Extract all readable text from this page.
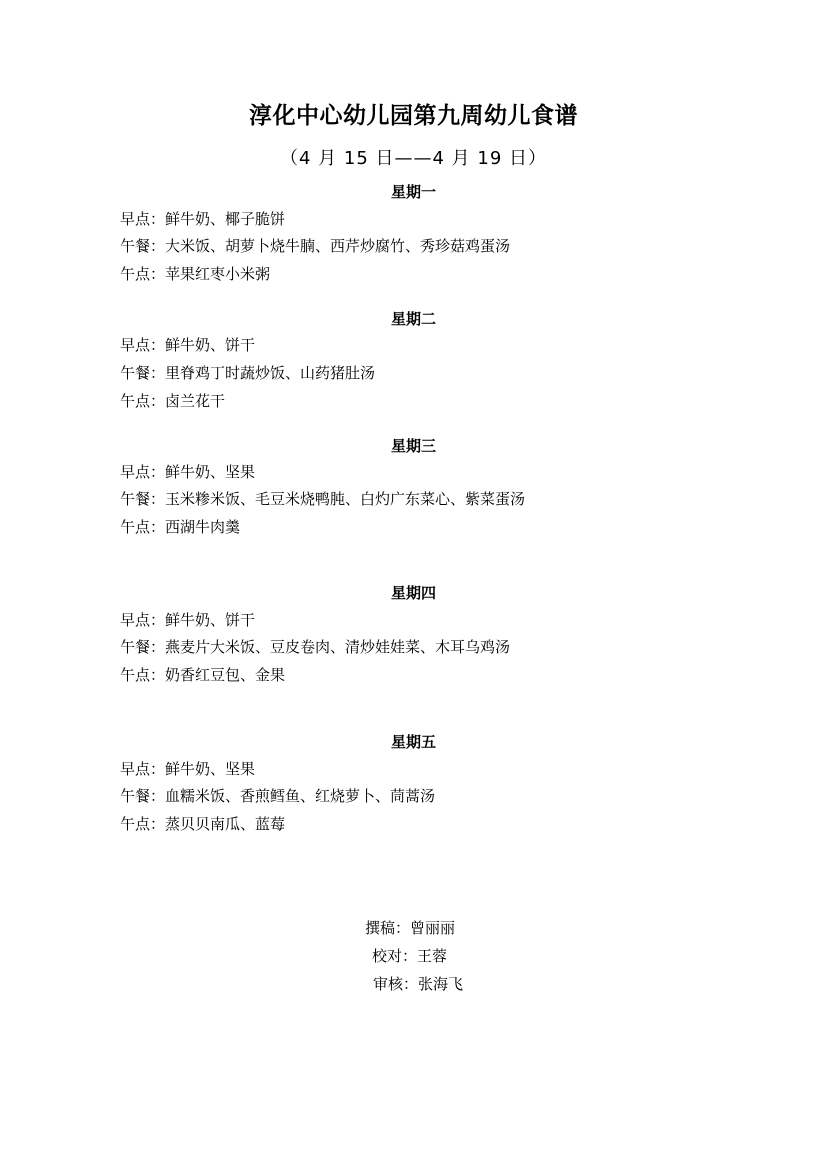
淳化中心幼儿园第九周幼儿食谱
（4 月 15 日——4 月 19 日）
星期一
早点：鲜牛奶、椰子脆饼
午餐：大米饭、胡萝卜烧牛腩、西芹炒腐竹、秀珍菇鸡蛋汤
午点：苹果红枣小米粥
星期二
早点：鲜牛奶、饼干
午餐：里脊鸡丁时蔬炒饭、山药猪肚汤
午点：卤兰花干
星期三
早点：鲜牛奶、坚果
午餐：玉米糁米饭、毛豆米烧鸭肫、白灼广东菜心、紫菜蛋汤
午点：西湖牛肉羹
星期四
早点：鲜牛奶、饼干
午餐：燕麦片大米饭、豆皮卷肉、清炒娃娃菜、木耳乌鸡汤
午点：奶香红豆包、金果
星期五
早点：鲜牛奶、坚果
午餐：血糯米饭、香煎鳕鱼、红烧萝卜、茼蒿汤
午点：蒸贝贝南瓜、蓝莓
撰稿：曾丽丽
校对：王蓉
审核：张海飞
